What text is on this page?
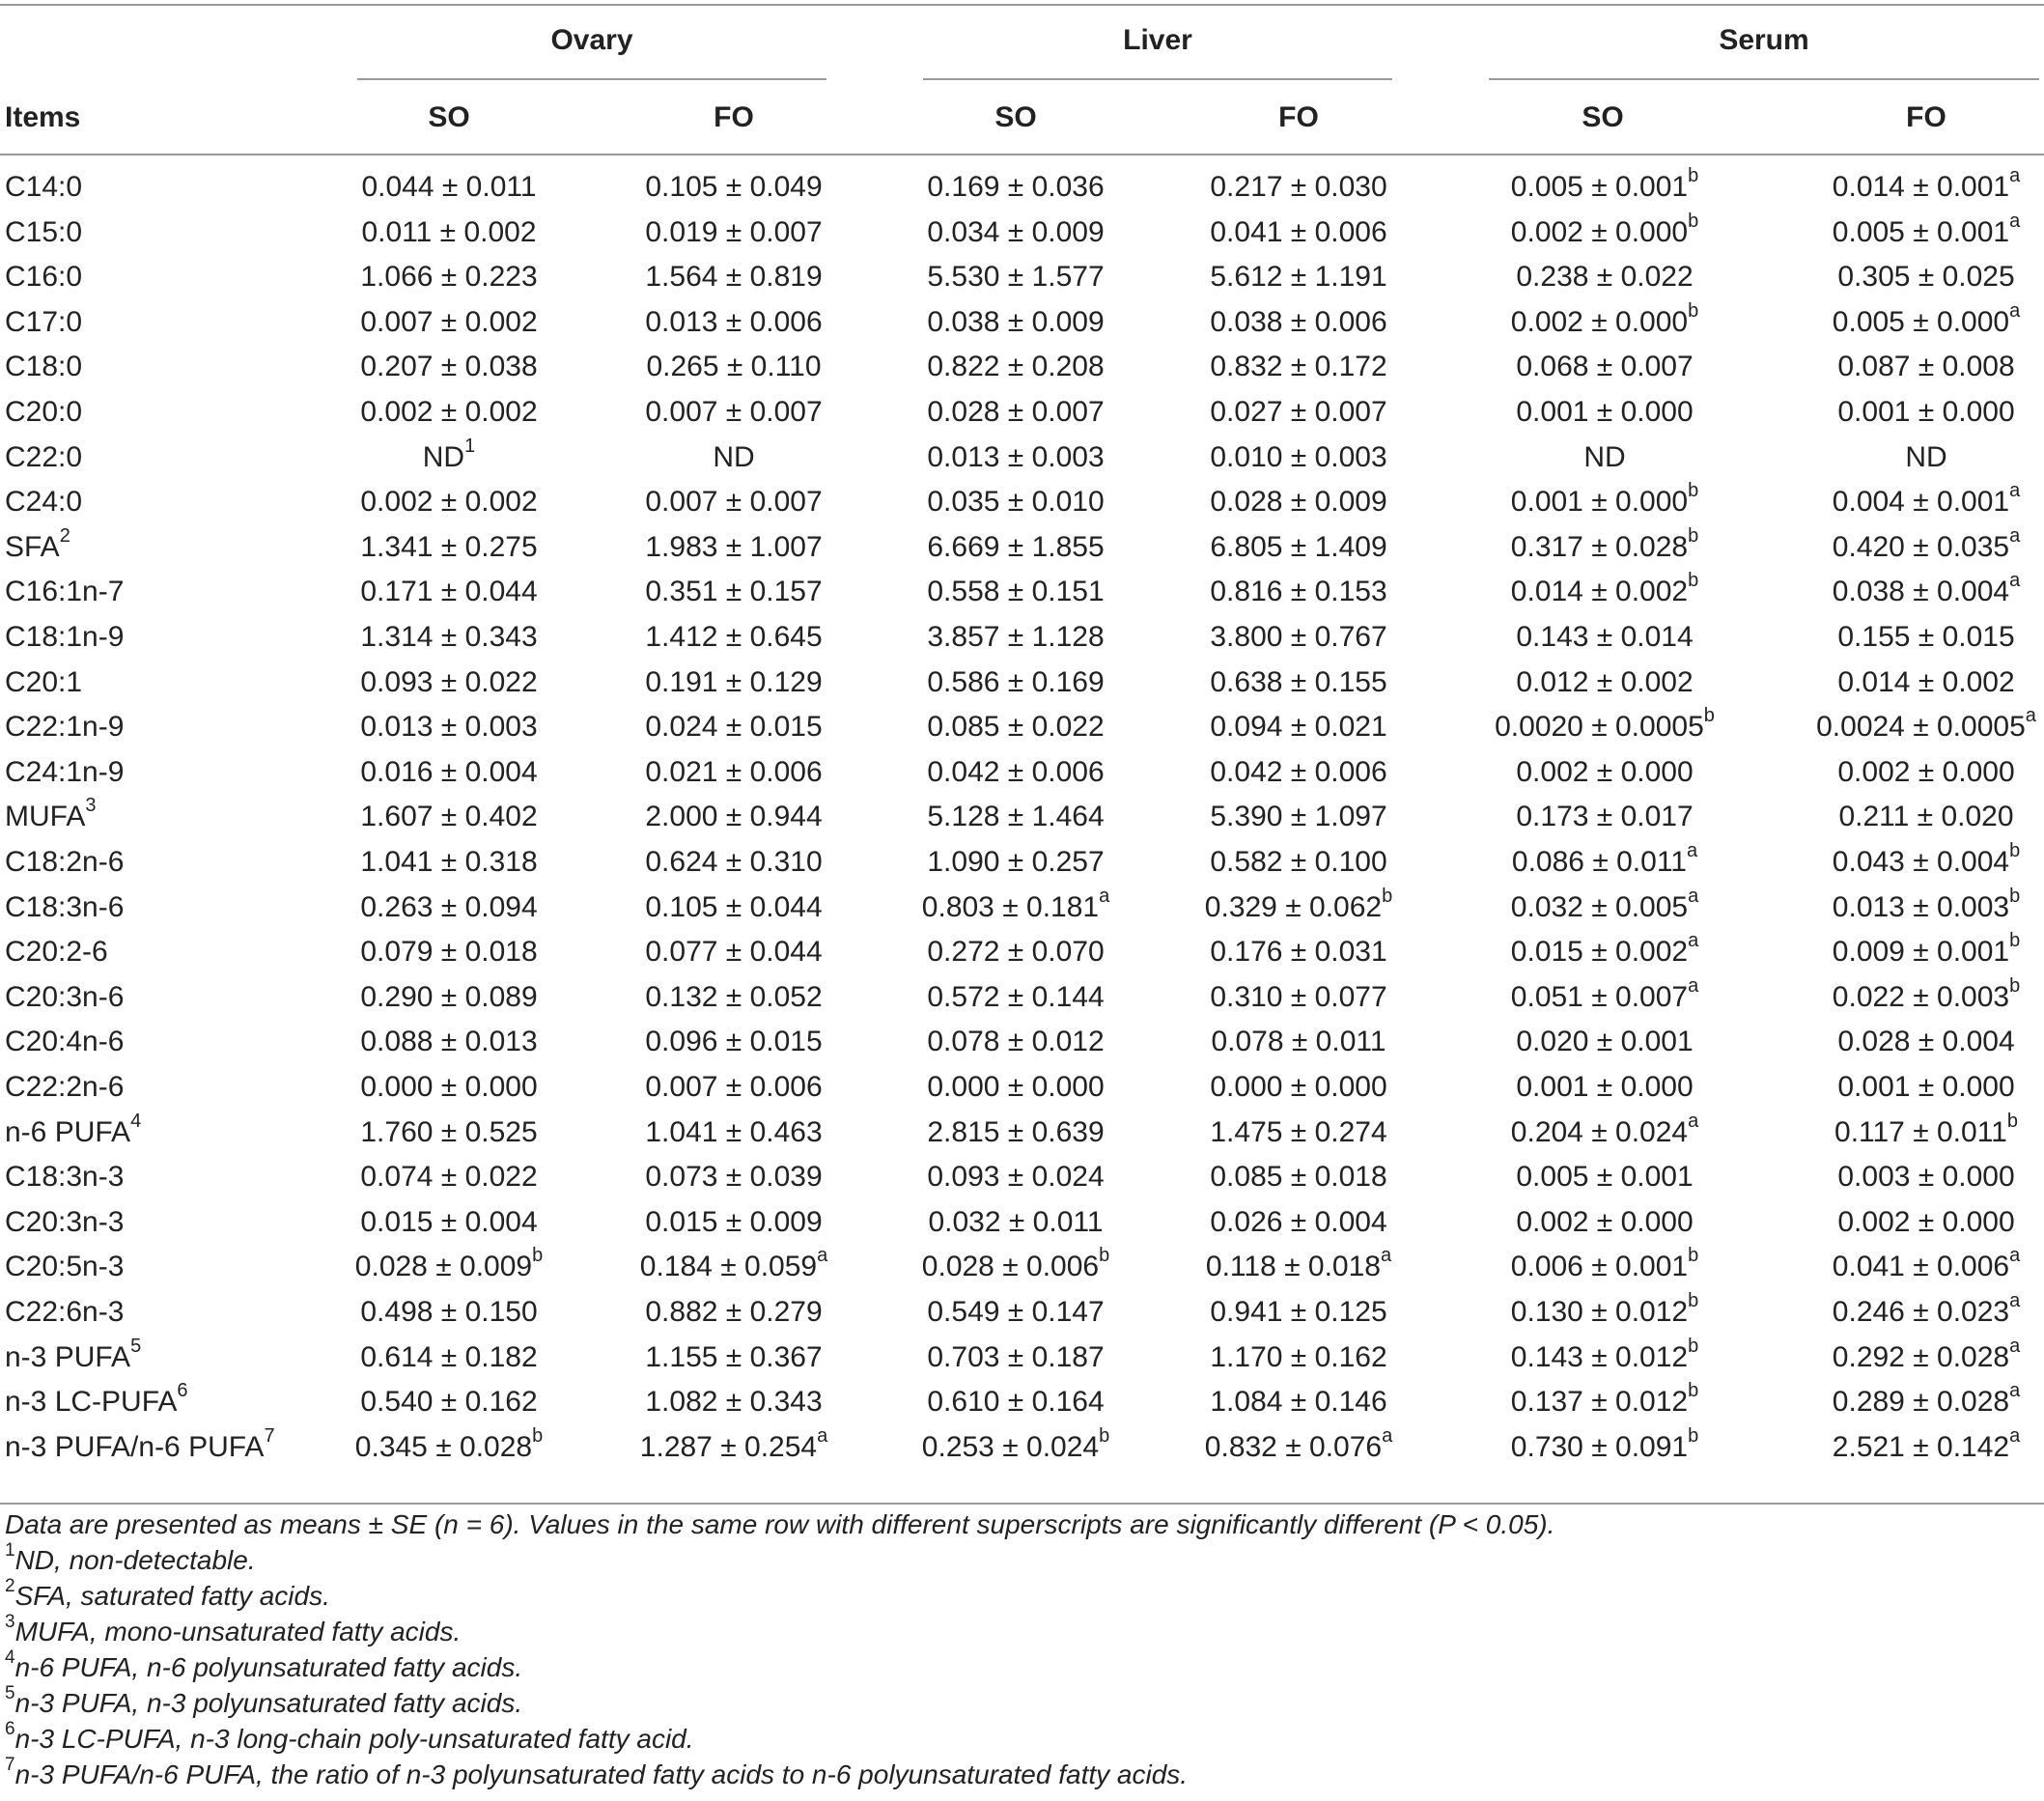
Ovary	Liver	Serum
Items	SO	FO	SO	FO	SO	FO
C14:0	0.044 ± 0.011	0.105 ± 0.049	0.169 ± 0.036	0.217 ± 0.030	0.005 ± 0.001$^b$	0.014 ± 0.001$^a$
C15:0	0.011 ± 0.002	0.019 ± 0.007	0.034 ± 0.009	0.041 ± 0.006	0.002 ± 0.000$^b$	0.005 ± 0.001$^a$
C16:0	1.066 ± 0.223	1.564 ± 0.819	5.530 ± 1.577	5.612 ± 1.191	0.238 ± 0.022	0.305 ± 0.025
C17:0	0.007 ± 0.002	0.013 ± 0.006	0.038 ± 0.009	0.038 ± 0.006	0.002 ± 0.000$^b$	0.005 ± 0.000$^a$
C18:0	0.207 ± 0.038	0.265 ± 0.110	0.822 ± 0.208	0.832 ± 0.172	0.068 ± 0.007	0.087 ± 0.008
C20:0	0.002 ± 0.002	0.007 ± 0.007	0.028 ± 0.007	0.027 ± 0.007	0.001 ± 0.000	0.001 ± 0.000
C22:0	$ND^1$	ND	0.013 ± 0.003	0.010 ± 0.003	ND	ND
C24:0	0.002 ± 0.002	0.007 ± 0.007	0.035 ± 0.010	0.028 ± 0.009	0.001 ± 0.000$^b$	0.004 ± 0.001$^a$
SFA$^2$	1.341 ± 0.275	1.983 ± 1.007	6.669 ± 1.855	6.805 ± 1.409	0.317 ± 0.028$^b$	0.420 ± 0.035$^a$
C16:1n-7	0.171 ± 0.044	0.351 ± 0.157	0.558 ± 0.151	0.816 ± 0.153	0.014 ± 0.002$^b$	0.038 ± 0.004$^a$
C18:1n-9	1.314 ± 0.343	1.412 ± 0.645	3.857 ± 1.128	3.800 ± 0.767	0.143 ± 0.014	0.155 ± 0.015
C20:1	0.093 ± 0.022	0.191 ± 0.129	0.586 ± 0.169	0.638 ± 0.155	0.012 ± 0.002	0.014 ± 0.002
C22:1n-9	0.013 ± 0.003	0.024 ± 0.015	0.085 ± 0.022	0.094 ± 0.021	0.0020 ± 0.0005$^b$	0.0024 ± 0.0005$^a$
C24:1n-9	0.016 ± 0.004	0.021 ± 0.006	0.042 ± 0.006	0.042 ± 0.006	0.002 ± 0.000	0.002 ± 0.000
MUFA$^3$	1.607 ± 0.402	2.000 ± 0.944	5.128 ± 1.464	5.390 ± 1.097	0.173 ± 0.017	0.211 ± 0.020
C18:2n-6	1.041 ± 0.318	0.624 ± 0.310	1.090 ± 0.257	0.582 ± 0.100	0.086 ± 0.011$^a$	0.043 ± 0.004$^b$
C18:3n-6	0.263 ± 0.094	0.105 ± 0.044	0.803 ± 0.181$^a$	0.329 ± 0.062$^b$	0.032 ± 0.005$^a$	0.013 ± 0.003$^b$
C20:2-6	0.079 ± 0.018	0.077 ± 0.044	0.272 ± 0.070	0.176 ± 0.031	0.015 ± 0.002$^a$	0.009 ± 0.001$^b$
C20:3n-6	0.290 ± 0.089	0.132 ± 0.052	0.572 ± 0.144	0.310 ± 0.077	0.051 ± 0.007$^a$	0.022 ± 0.003$^b$
C20:4n-6	0.088 ± 0.013	0.096 ± 0.015	0.078 ± 0.012	0.078 ± 0.011	0.020 ± 0.001	0.028 ± 0.004
C22:2n-6	0.000 ± 0.000	0.007 ± 0.006	0.000 ± 0.000	0.000 ± 0.000	0.001 ± 0.000	0.001 ± 0.000
n-6 PUFA$^4$	1.760 ± 0.525	1.041 ± 0.463	2.815 ± 0.639	1.475 ± 0.274	0.204 ± 0.024$^a$	0.117 ± 0.011$^b$
C18:3n-3	0.074 ± 0.022	0.073 ± 0.039	0.093 ± 0.024	0.085 ± 0.018	0.005 ± 0.001	0.003 ± 0.000
C20:3n-3	0.015 ± 0.004	0.015 ± 0.009	0.032 ± 0.011	0.026 ± 0.004	0.002 ± 0.000	0.002 ± 0.000
C20:5n-3	0.028 ± 0.009$^b$	0.184 ± 0.059$^a$	0.028 ± 0.006$^b$	0.118 ± 0.018$^a$	0.006 ± 0.001$^b$	0.041 ± 0.006$^a$
C22:6n-3	0.498 ± 0.150	0.882 ± 0.279	0.549 ± 0.147	0.941 ± 0.125	0.130 ± 0.012$^b$	0.246 ± 0.023$^a$
n-3 PUFA$^5$	0.614 ± 0.182	1.155 ± 0.367	0.703 ± 0.187	1.170 ± 0.162	0.143 ± 0.012$^b$	0.292 ± 0.028$^a$
n-3 LC-PUFA$^6$	0.540 ± 0.162	1.082 ± 0.343	0.610 ± 0.164	1.084 ± 0.146	0.137 ± 0.012$^b$	0.289 ± 0.028$^a$
n-3 PUFA/n-6 PUFA$^7$	0.345 ± 0.028$^b$	1.287 ± 0.254$^a$	0.253 ± 0.024$^b$	0.832 ± 0.076$^a$	0.730 ± 0.091$^b$	2.521 ± 0.142$^a$
Data are presented as means ± SE (n = 6). Values in the same row with different superscripts are significantly different (P < 0.05).
$^1$ND, non-detectable.
$^2$SFA, saturated fatty acids.
$^3$MUFA, mono-unsaturated fatty acids.
$^4$n-6 PUFA, n-6 polyunsaturated fatty acids.
$^5$n-3 PUFA, n-3 polyunsaturated fatty acids.
$^6$n-3 LC-PUFA, n-3 long-chain poly-unsaturated fatty acid.
$^7$n-3 PUFA/n-6 PUFA, the ratio of n-3 polyunsaturated fatty acids to n-6 polyunsaturated fatty acids.
